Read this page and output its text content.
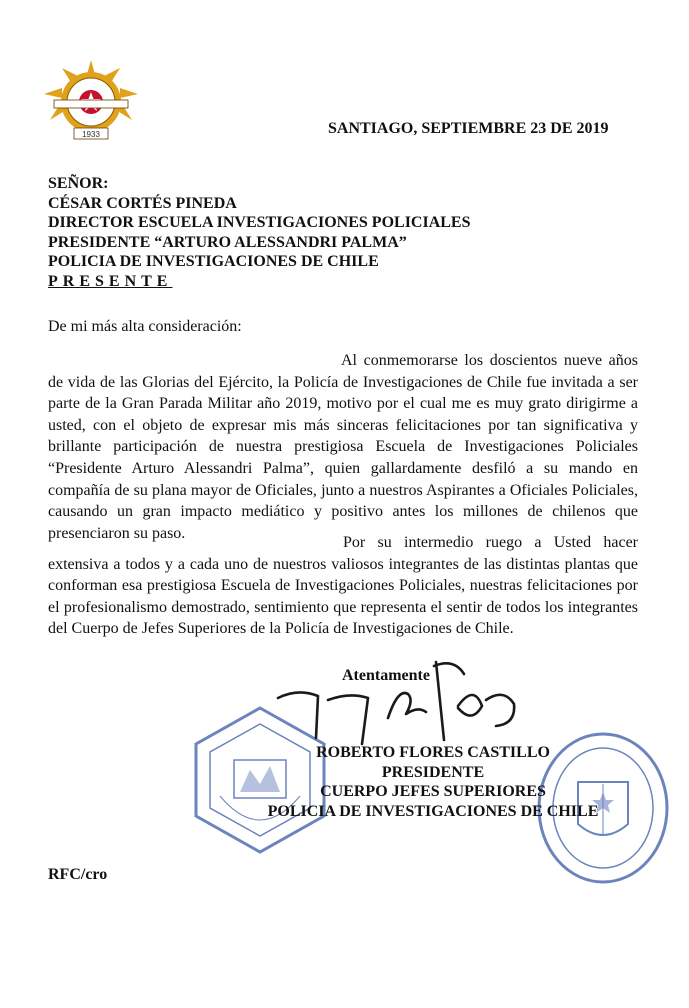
1933	SANTIAGO, SEPTIEMBRE 23 DE 2019
SEÑOR:
CÉSAR CORTÉS PINEDA
DIRECTOR ESCUELA INVESTIGACIONES POLICIALES
PRESIDENTE “ARTURO ALESSANDRI PALMA”
POLICIA DE INVESTIGACIONES DE CHILE
PRESENTE
De mi más alta consideración:
Al conmemorarse los doscientos nueve años de vida de las Glorias del Ejército, la Policía de Investigaciones de Chile fue invitada a ser parte de la Gran Parada Militar año 2019, motivo por el cual me es muy grato dirigirme a usted, con el objeto de expresar mis más sinceras felicitaciones por tan significativa y brillante participación de nuestra prestigiosa Escuela de Investigaciones Policiales “Presidente Arturo Alessandri Palma”, quien gallardamente desfiló a su mando en compañía de su plana mayor de Oficiales, junto a nuestros Aspirantes a Oficiales Policiales, causando un gran impacto mediático y positivo antes los millones de chilenos que presenciaron su paso.
Por su intermedio ruego a Usted hacer extensiva a todos y a cada uno de nuestros valiosos integrantes de las distintas plantas que conforman esa prestigiosa Escuela de Investigaciones Policiales, nuestras felicitaciones por el profesionalismo demostrado, sentimiento que representa el sentir de todos los integrantes del Cuerpo de Jefes Superiores de la Policía de Investigaciones de Chile.
Atentamente
ROBERTO FLORES CASTILLO
PRESIDENTE
CUERPO JEFES SUPERIORES
POLICIA DE INVESTIGACIONES DE CHILE
RFC/cro
